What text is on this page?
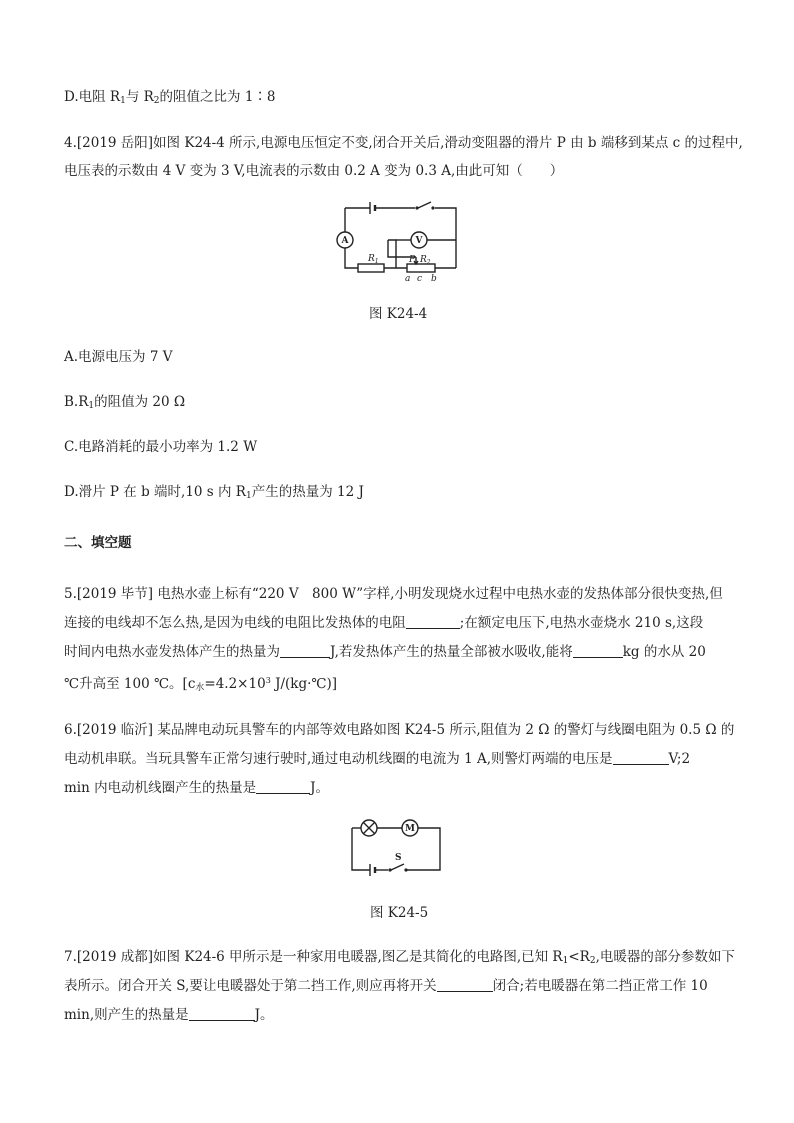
D.电阻 $R_1$与 $R_2$的阻值之比为 1∶8
4.[2019 岳阳]如图 K24-4 所示,电源电压恒定不变,闭合开关后,滑动变阻器的滑片 P 由 b 端移到某点 c 的过程中,
电压表的示数由 4 V 变为 3 V,电流表的示数由 0.2 A 变为 0.3 A,由此可知（　　）
A
$R_1$	$R_2$
P
V
a c b
图 K24-4
A.电源电压为 7 V
$B.R_1$的阻值为 20 Ω
C.电路消耗的最小功率为 1.2 W
D.滑片 P 在 b 端时,10 s 内 $R_1$产生的热量为 12 J
二、填空题
5.[2019 毕节] 电热水壶上标有“220 V　800 W”字样,小明发现烧水过程中电热水壶的发热体部分很快变热,但
连接的电线却不怎么热,是因为电线的电阻比发热体的电阻	;在额定电压下,电热水壶烧水 210 s,这段
时间内电热水壶发热体产生的热量为	J,若发热体产生的热量全部被水吸收,能将	kg 的水从 20
℃升高至 100 ℃。[$c_水=4.2\times 10^3$ J/(kg·℃)]
6.[2019 临沂] 某品牌电动玩具警车的内部等效电路如图 K24-5 所示,阻值为 2 Ω 的警灯与线圈电阻为 0.5 Ω 的
电动机串联。当玩具警车正常匀速行驶时,通过电动机线圈的电流为 1 A,则警灯两端的电压是	V;2
min 内电动机线圈产生的热量是	J。
M
S
图 K24-5
7.[2019 成都]如图 K24-6 甲所示是一种家用电暖器,图乙是其简化的电路图,已知 $R_1<R_2$,电暖器的部分参数如下
表所示。闭合开关 S,要让电暖器处于第二挡工作,则应再将开关	闭合;若电暖器在第二挡正常工作 10
min,则产生的热量是	J。
